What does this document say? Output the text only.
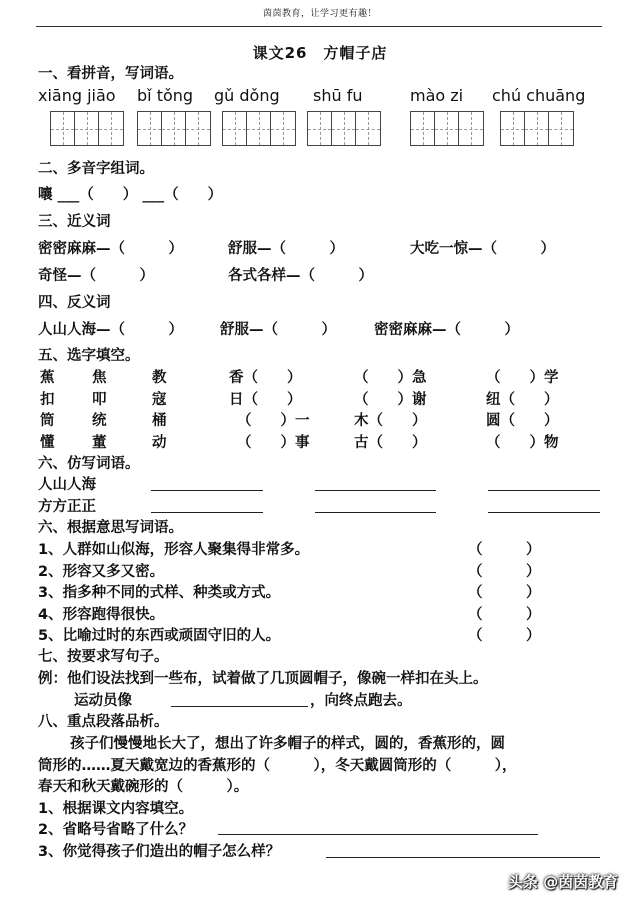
茵茵教育，让学习更有趣！
课文26　方帽子店
一、看拼音，写词语。
xiāng jiāo bǐ tǒng gǔ dǒng shū fu	mào zi chú chuāng
二、多音字组词。
嚷 ___（　　） ___（　　）
三、近义词
密密麻麻—（　　　）	舒服—（　　　）	大吃一惊—（　　　）
奇怪—（　　　）	各式各样—（　　　）
四、反义词
人山人海—（　　　）	舒服—（　　　）	密密麻麻—（　　　）
五、选字填空。
蕉	焦	教	香（　　）	（　　）急	（　　）学
扣	叩	寇	日（　　）	（　　）谢	纽（　　）
筒	统	桶	（　　）一	木（　　）	圆（　　）
懂	董	动	（　　）事	古（　　）	（　　）物
六、仿写词语。
人山人海
方方正正
六、根据意思写词语。
1、人群如山似海，形容人聚集得非常多。	（　　　）
2、形容又多又密。	（　　　）
3、指多种不同的式样、种类或方式。	（　　　）
4、形容跑得很快。	（　　　）
5、比喻过时的东西或顽固守旧的人。	（　　　）
七、按要求写句子。
例：他们设法找到一些布，试着做了几顶圆帽子，像碗一样扣在头上。
运动员像	，向终点跑去。
八、重点段落品析。
孩子们慢慢地长大了，想出了许多帽子的样式，圆的，香蕉形的，圆
筒形的……夏天戴宽边的香蕉形的（　　　），冬天戴圆筒形的（　　　），
春天和秋天戴碗形的（　　　）。
1、根据课文内容填空。
2、省略号省略了什么？
3、你觉得孩子们造出的帽子怎么样？
头条 @茵茵教育
